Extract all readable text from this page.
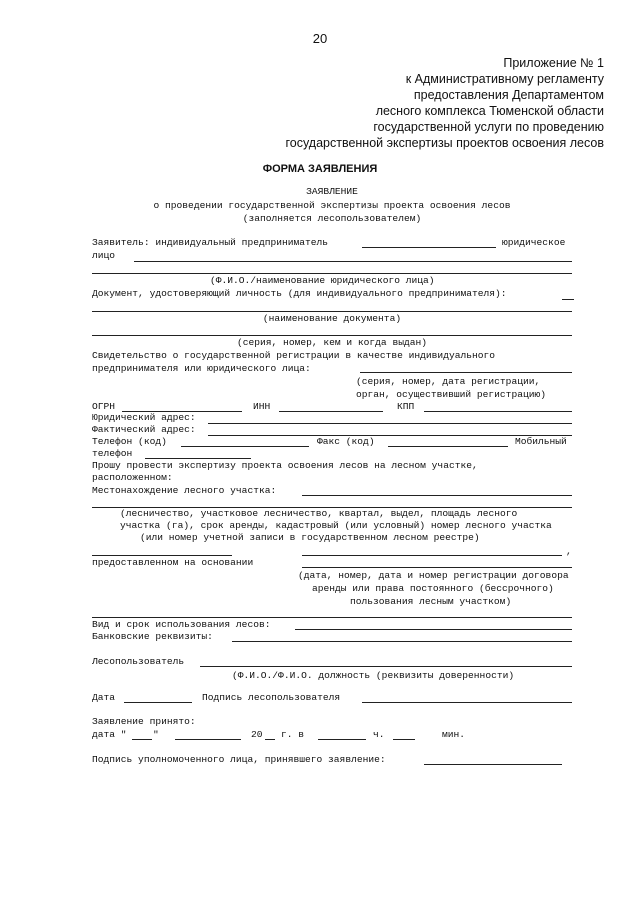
20
Приложение № 1
к Административному регламенту
предоставления Департаментом
лесного комплекса Тюменской области
государственной услуги по проведению
государственной экспертизы проектов освоения лесов
ФОРМА ЗАЯВЛЕНИЯ
ЗАЯВЛЕНИЕ
о проведении государственной экспертизы проекта освоения лесов
(заполняется лесопользователем)
Заявитель: индивидуальный предприниматель	юридическое
лицо
(Ф.И.О./наименование юридического лица)
Документ, удостоверяющий личность (для индивидуального предпринимателя):
(наименование документа)
(серия, номер, кем и когда выдан)
Свидетельство о государственной регистрации в качестве индивидуального
предпринимателя или юридического лица:
(серия, номер, дата регистрации,
орган, осуществивший регистрацию)
ОГРН	ИНН	КПП
Юридический адрес:
Фактический адрес:
Телефон (код)	Факс (код)	Мобильный
телефон
Прошу провести экспертизу проекта освоения лесов на лесном участке,
расположенном:
Местонахождение лесного участка:
(лесничество, участковое лесничество, квартал, выдел, площадь лесного
участка (га), срок аренды, кадастровый (или условный) номер лесного участка
(или номер учетной записи в государственном лесном реестре)
,
предоставленном на основании
(дата, номер, дата и номер регистрации договора
аренды или права постоянного (бессрочного)
пользования лесным участком)
Вид и срок использования лесов:
Банковские реквизиты:
Лесопользователь
(Ф.И.О./Ф.И.О. должность (реквизиты доверенности)
Дата	Подпись лесопользователя
Заявление принято:
дата "	"	20 г. в	ч.	мин.
Подпись уполномоченного лица, принявшего заявление:
